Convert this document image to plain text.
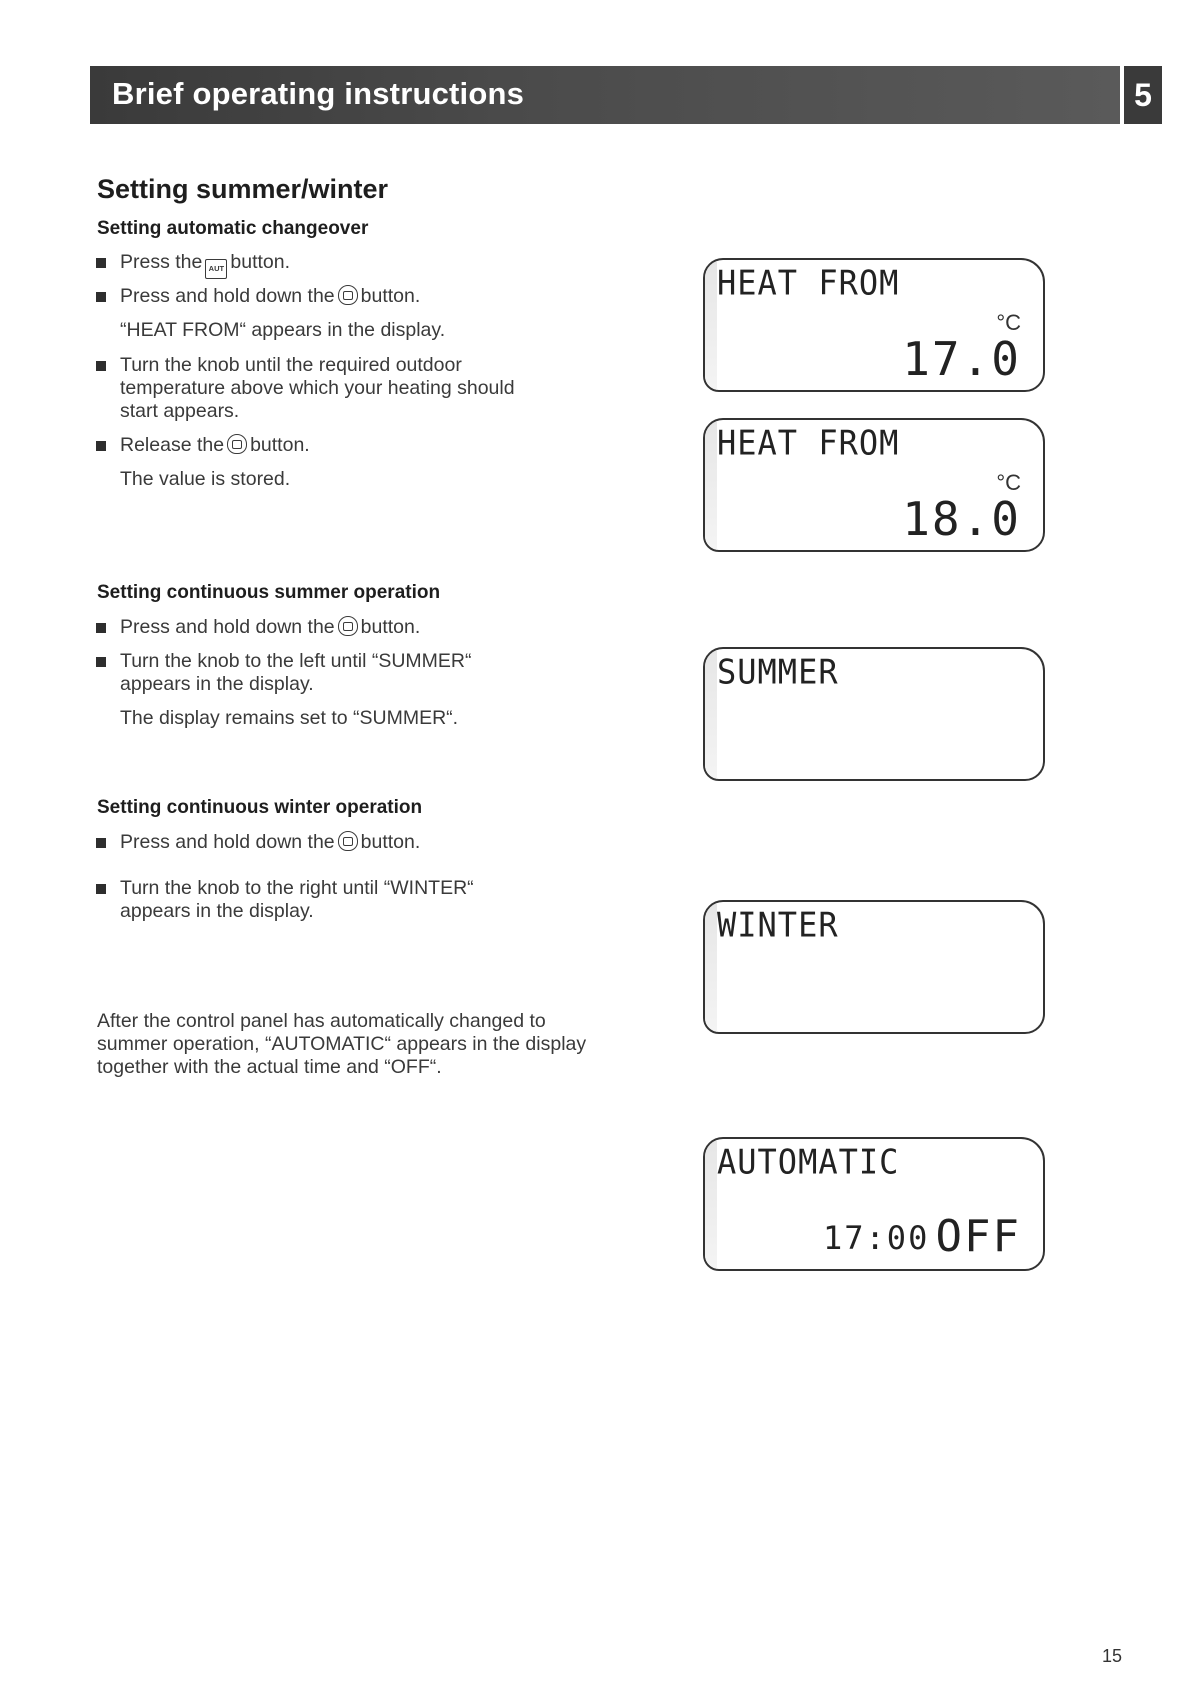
Brief operating instructions	5
Setting summer/winter
Setting automatic changeover
Press the AUT button.
Press and hold down the button.
“HEAT FROM“ appears in the display.
Turn the knob until the required outdoor
temperature above which your heating should
start appears.
Release the button.
The value is stored.
Setting continuous summer operation
Press and hold down the button.
Turn the knob to the left until “SUMMER“
appears in the display.
The display remains set to “SUMMER“.
Setting continuous winter operation
Press and hold down the button.
Turn the knob to the right until “WINTER“
appears in the display.
After the control panel has automatically changed to summer operation, “AUTOMATIC“ appears in the display together with the actual time and “OFF“.
HEAT FROM
°C
17.0
HEAT FROM
°C
18.0
SUMMER
WINTER
AUTOMATIC
17:00 OFF
15
